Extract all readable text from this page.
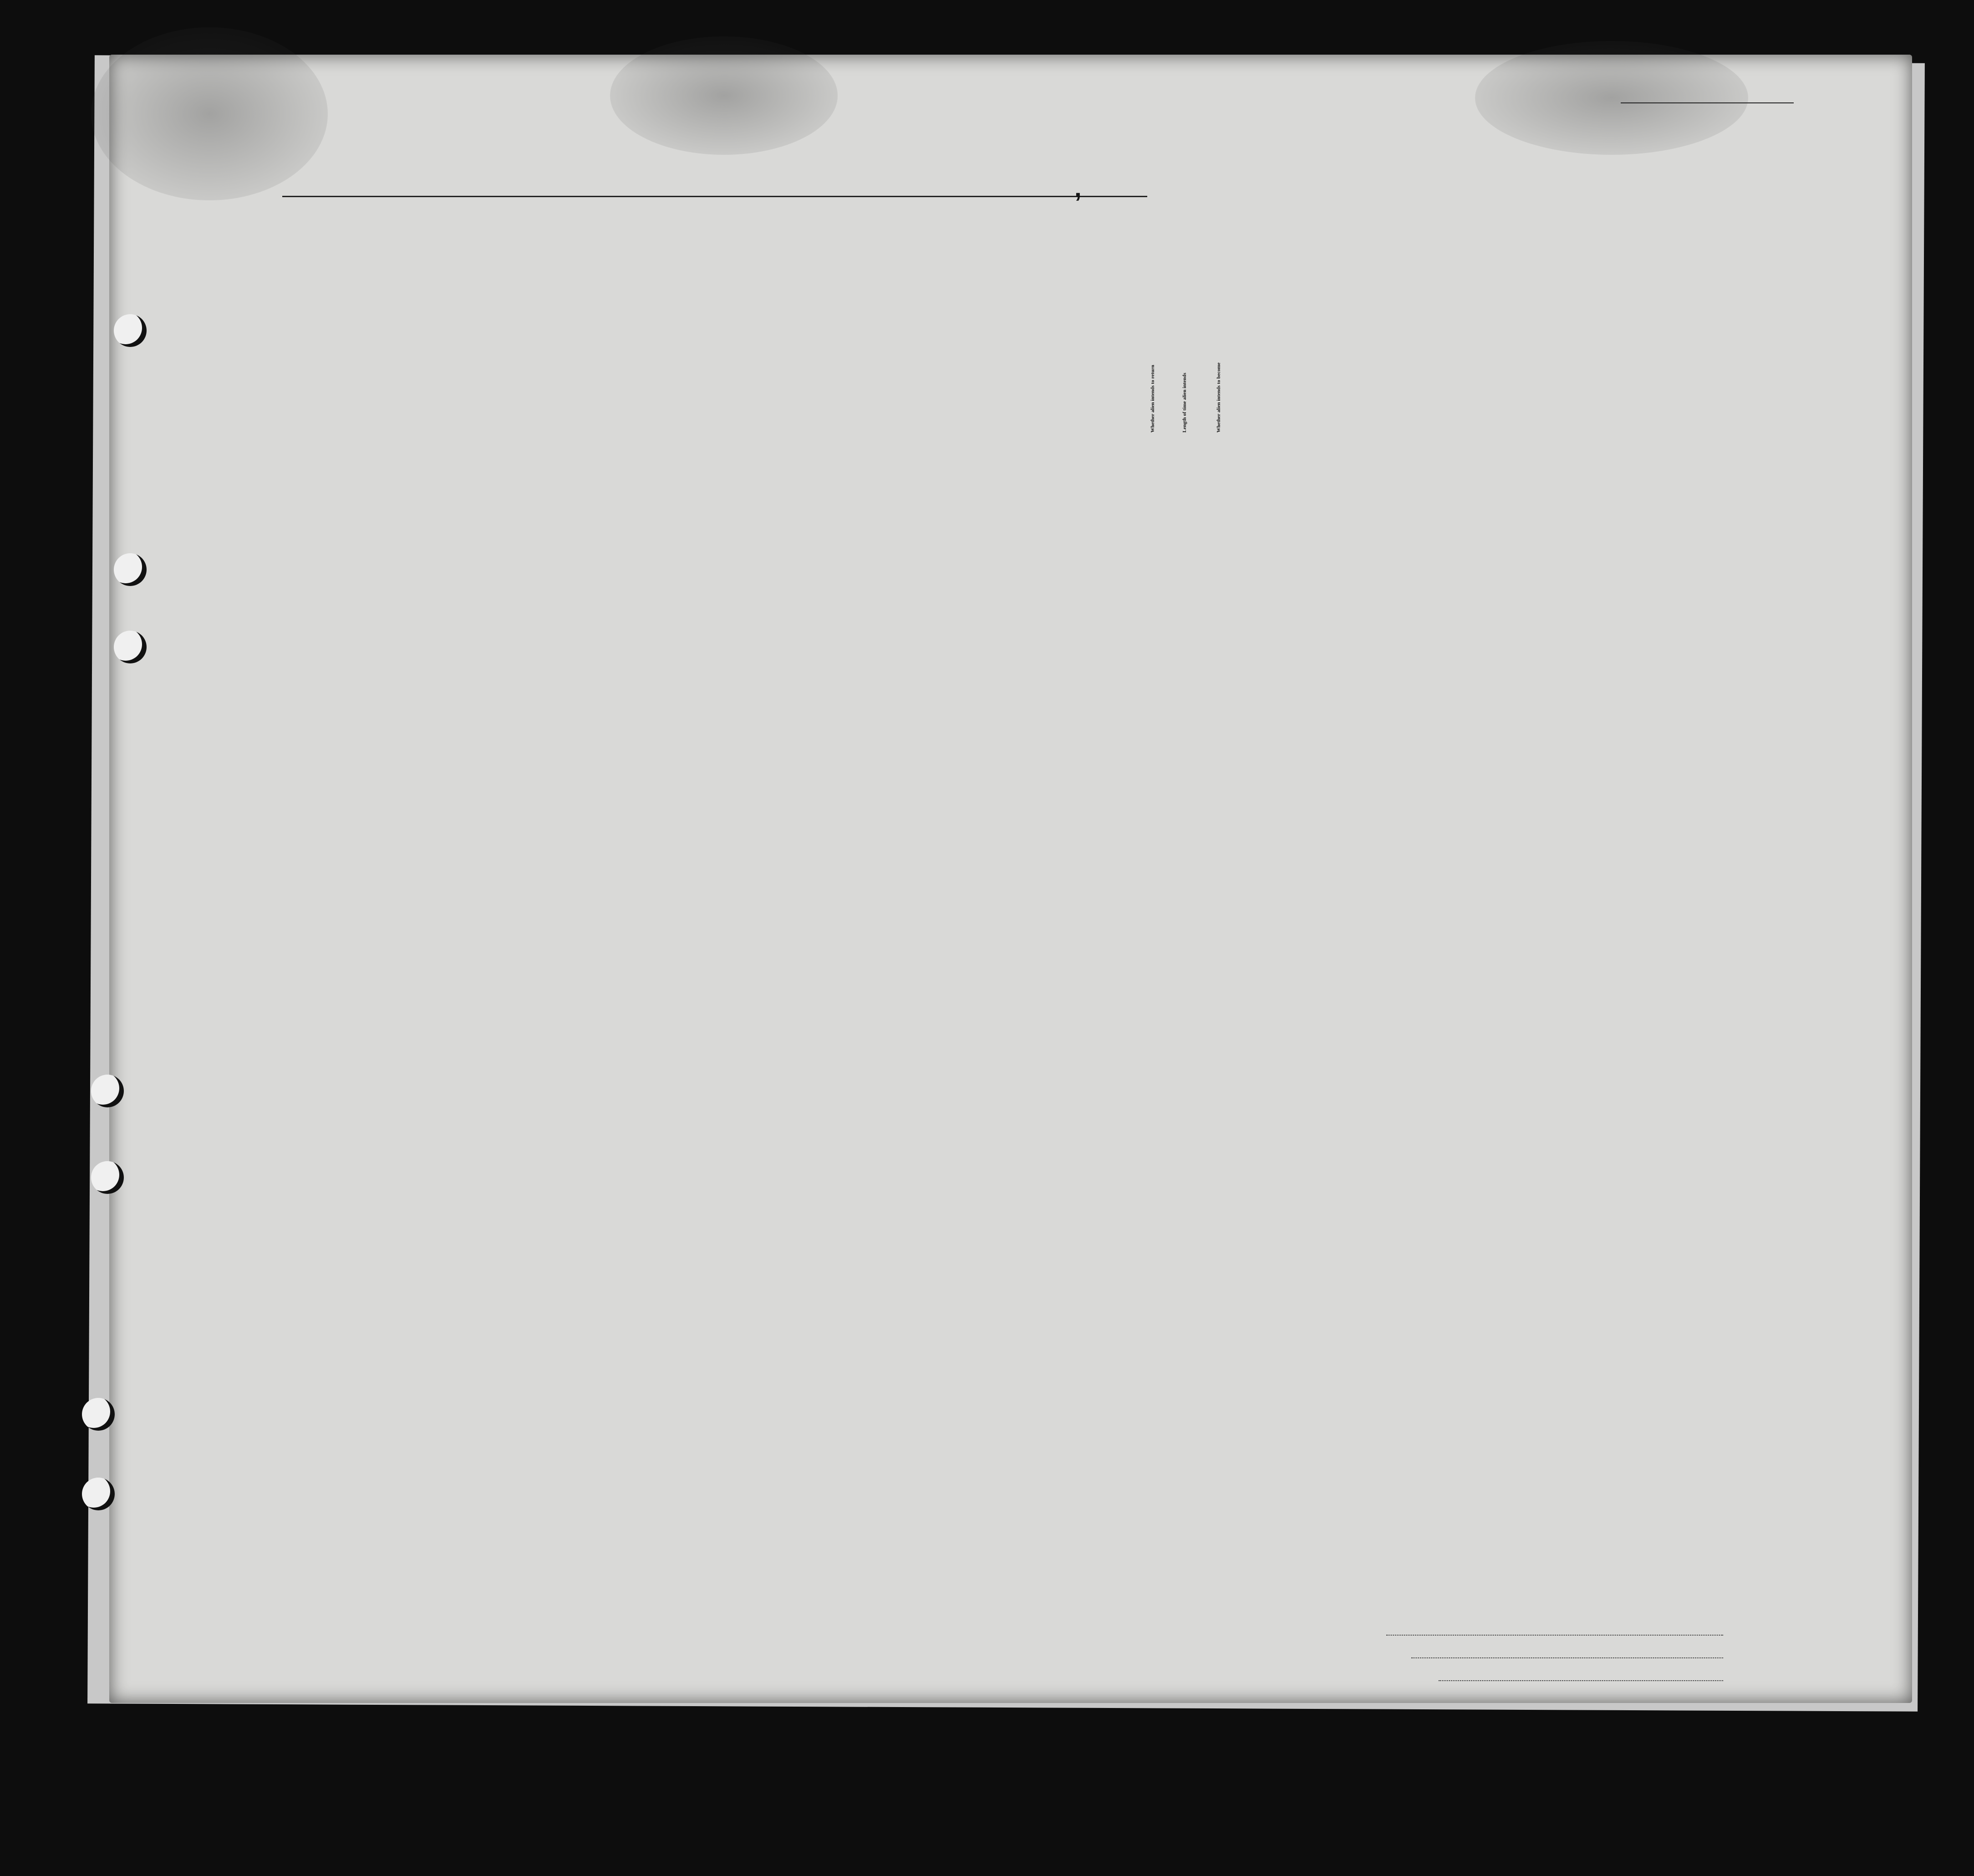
,
Whether alien intends to return	Length of time alien intends	Whether alien intends to become
